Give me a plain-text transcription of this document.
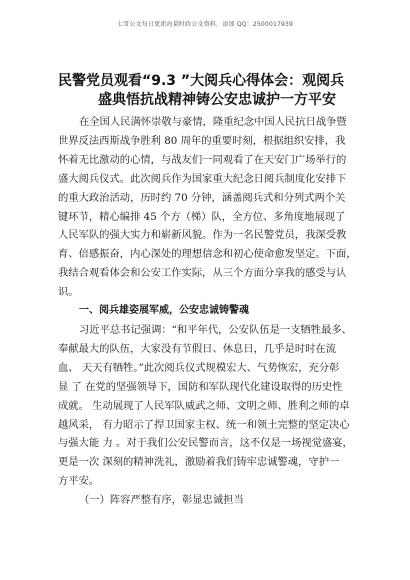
七哥公文每日更新海量时政公文资料，添加 QQ：2500017939
民警党员观看“9.3 ”大阅兵心得体会：观阅兵
盛典悟抗战精神铸公安忠诚护一方平安
在全国人民满怀崇敬与豪情，隆重纪念中国人民抗日战争暨
世界反法西斯战争胜利 80 周年的重要时刻，根据组织安排，我
怀着无比激动的心情，与战友们一同观看了在天安门广场举行的
盛大阅兵仪式。此次阅兵作为国家重大纪念日阅兵制度化安排下
的重大政治活动，历时约 70 分钟，涵盖阅兵式和分列式两个关
键环节，精心编排 45 个方（梯）队，全方位、多角度地展现了
人民军队的强大实力和崭新风貌。作为一名民警党员，我深受教
育、倍感振奋，内心深处的理想信念和初心使命愈发坚定。下面，
我结合观看体会和公安工作实际，从三个方面分享我的感受与认
识。
一、阅兵雄姿展军威，公安忠诚铸警魂
习近平总书记强调：“和平年代，公安队伍是一支牺牲最多、
奉献最大的队伍，大家没有节假日、休息日，几乎是时时在流
血、 天天有牺牲。”此次阅兵仪式规模宏大、气势恢宏，充分彰
显 了 在党的坚强领导下，国防和军队现代化建设取得的历史性
成就。 生动展现了人民军队威武之师、文明之师、胜利之师的卓
越风采， 有力昭示了捍卫国家主权、统一和领土完整的坚定决心
与强大能 力 。对于我们公安民警而言，这不仅是一场视觉盛宴，
更是一次 深刻的精神洗礼，激励着我们铸牢忠诚警魂，守护一
方平安。
（一）阵容严整有序，彰显忠诚担当
